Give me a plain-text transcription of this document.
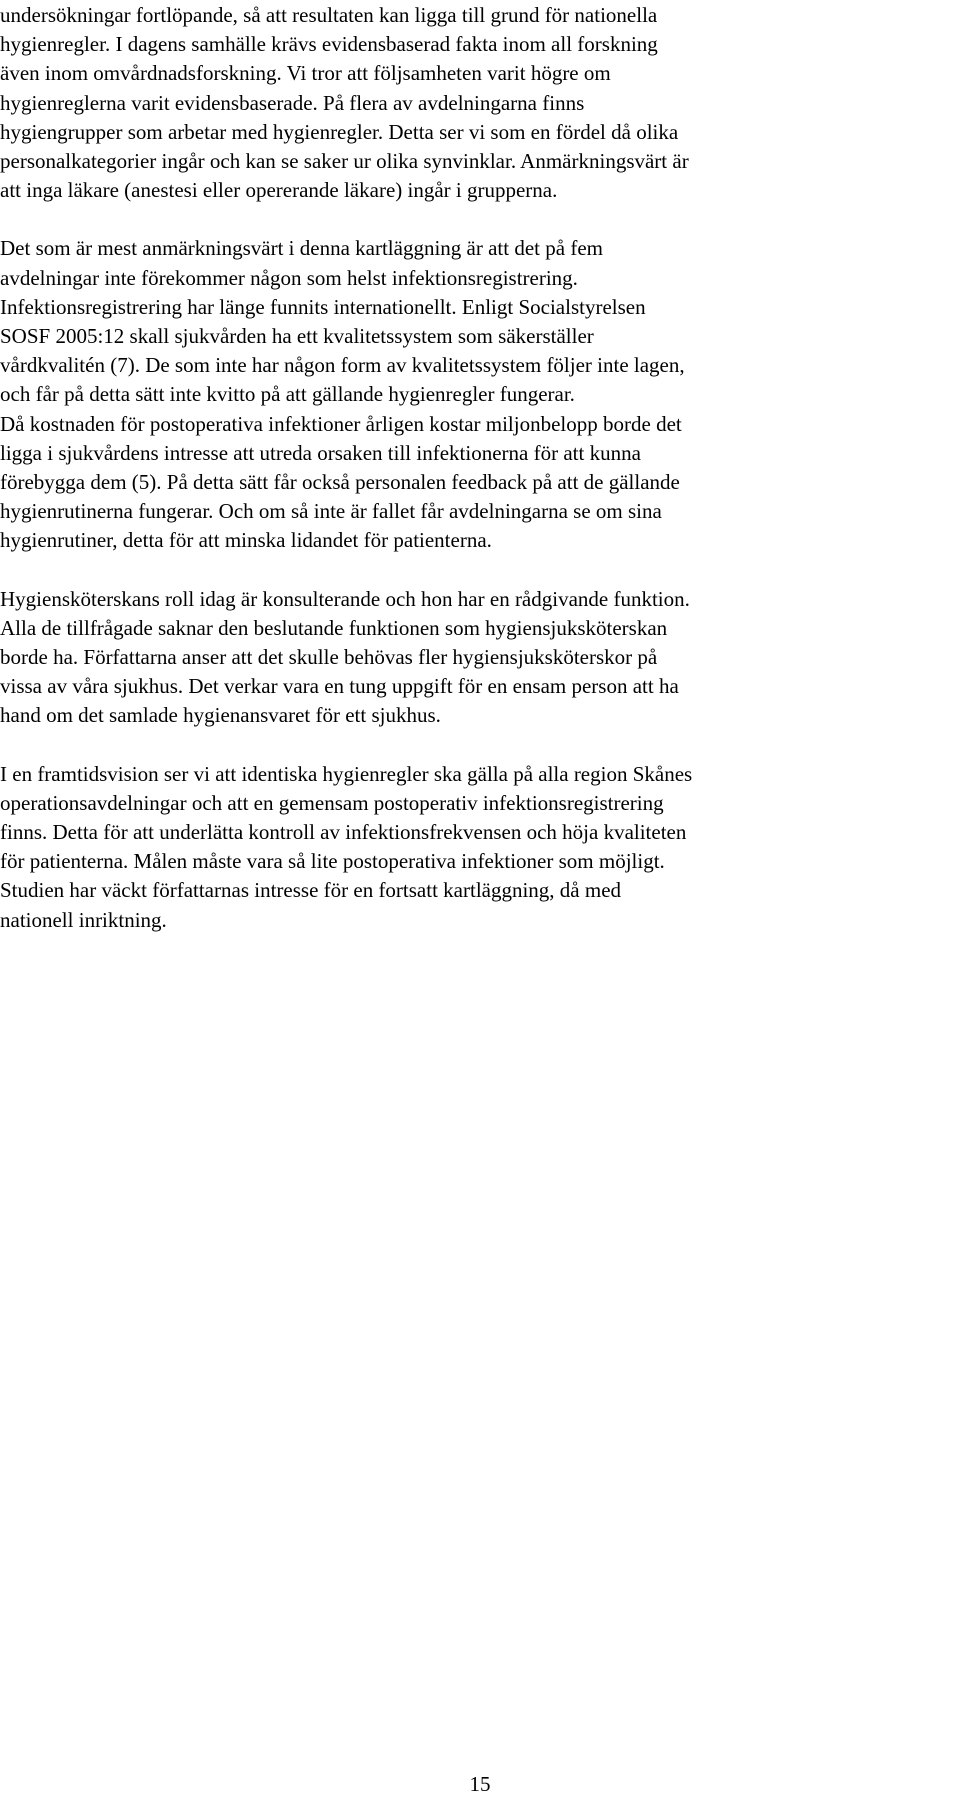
undersökningar fortlöpande, så att resultaten kan ligga till grund för nationella
hygienregler. I dagens samhälle krävs evidensbaserad fakta inom all forskning
även inom omvårdnadsforskning. Vi tror att följsamheten varit högre om
hygienreglerna varit evidensbaserade. På flera av avdelningarna finns
hygiengrupper som arbetar med hygienregler. Detta ser vi som en fördel då olika
personalkategorier ingår och kan se saker ur olika synvinklar. Anmärkningsvärt är
att inga läkare (anestesi eller opererande läkare) ingår i grupperna.

Det som är mest anmärkningsvärt i denna kartläggning är att det på fem
avdelningar inte förekommer någon som helst infektionsregistrering.
Infektionsregistrering har länge funnits internationellt. Enligt Socialstyrelsen
SOSF 2005:12 skall sjukvården ha ett kvalitetssystem som säkerställer
vårdkvalitén (7). De som inte har någon form av kvalitetssystem följer inte lagen,
och får på detta sätt inte kvitto på att gällande hygienregler fungerar.
Då kostnaden för postoperativa infektioner årligen kostar miljonbelopp borde det
ligga i sjukvårdens intresse att utreda orsaken till infektionerna för att kunna
förebygga dem (5). På detta sätt får också personalen feedback på att de gällande
hygienrutinerna fungerar. Och om så inte är fallet får avdelningarna se om sina
hygienrutiner, detta för att minska lidandet för patienterna.

Hygiensköterskans roll idag är konsulterande och hon har en rådgivande funktion.
Alla de tillfrågade saknar den beslutande funktionen som hygiensjuksköterskan
borde ha. Författarna anser att det skulle behövas fler hygiensjuksköterskor på
vissa av våra sjukhus. Det verkar vara en tung uppgift för en ensam person att ha
hand om det samlade hygienansvaret för ett sjukhus.

I en framtidsvision ser vi att identiska hygienregler ska gälla på alla region Skånes
operationsavdelningar och att en gemensam postoperativ infektionsregistrering
finns. Detta för att underlätta kontroll av infektionsfrekvensen och höja kvaliteten
för patienterna. Målen måste vara så lite postoperativa infektioner som möjligt.
Studien har väckt författarnas intresse för en fortsatt kartläggning, då med
nationell inriktning.

15
